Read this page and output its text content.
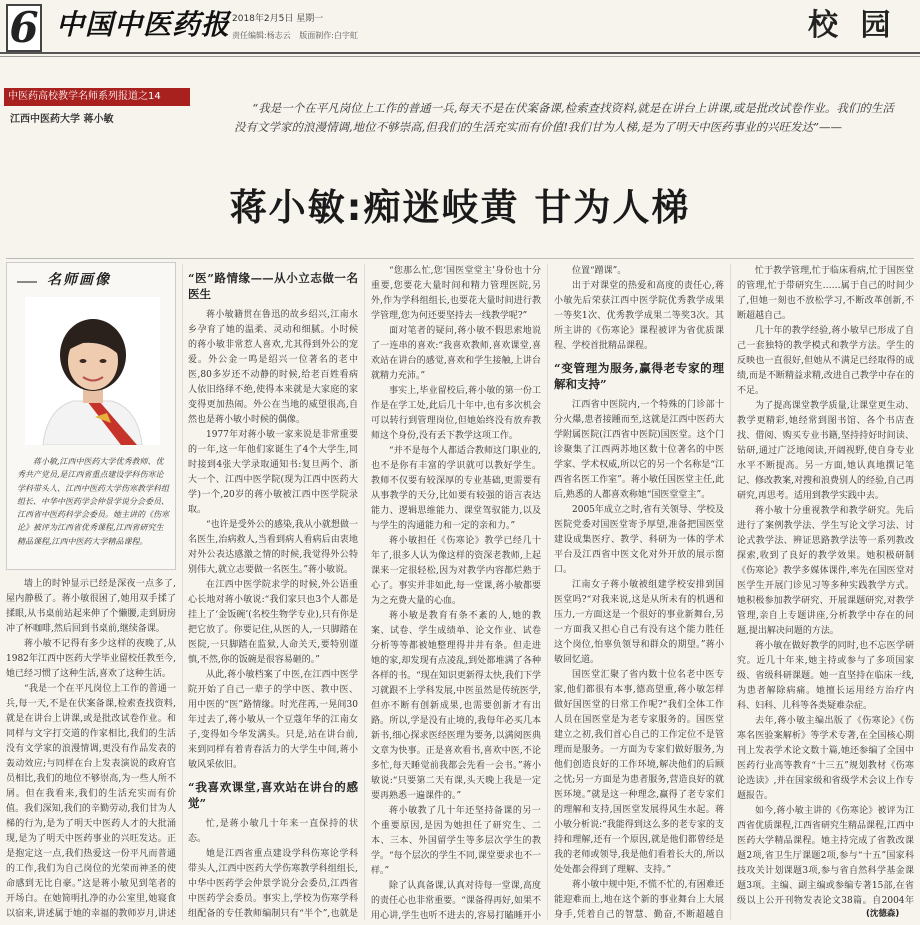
6 中国中医药报 2018年2月5日 星期一
责任编辑:杨志云 版面制作:白宇虹	校 园
中医药高校教学名师系列报道之14
江西中医药大学 蒋小敏
“我是一个在平凡岗位上工作的普通一兵,每天不是在伏案备课,检索查找资料,就是在讲台上讲课,或是批改试卷作业。我们的生活没有文学家的浪漫情调,地位不够崇高,但我们的生活充实而有价值!我们甘为人梯,是为了明天中医药事业的兴旺发达”——
蒋小敏:痴迷岐黄 甘为人梯
名师画像
蒋小敏,江西中医药大学优秀教师、优秀共产党员,是江西省重点建设学科伤寒论学科带头人、江西中医药大学伤寒教学科组组长、中华中医药学会仲景学说分会委员、江西省中医药科学会委员。她主讲的《伤寒论》被评为江西省优秀课程,江西省研究生精品课程,江西中医药大学精品课程。

墙上的时钟显示已经是深夜一点多了,屋内静极了。蒋小敏很困了,她用双手揉了揉眼,从书桌前站起来伸了个懒腰,走到厨房冲了杯咖啡,然后回到书桌前,继续备课。

蒋小敏不记得有多少这样的夜晚了,从1982年江西中医药大学毕业留校任教至今,她已经习惯了这种生活,喜欢了这种生活。

“我是一个在平凡岗位上工作的普通一兵,每一天,不是在伏案备课,检索查找资料,就是在讲台上讲课,或是批改试卷作业。和同样与文字打交道的作家相比,我们的生活没有文学家的浪漫情调,更没有作品发表的轰动效应;与同样在台上发表演说的政府官员相比,我们的地位不够崇高,为一些人所不屑。但在我看来,我们的生活充实而有价值。我们深知,我们的辛勤劳动,我们甘为人梯的行为,是为了明天中医药人才的大批涌现,是为了明天中医药事业的兴旺发达。正是抱定这一点,我们热爱这一份平凡而普通的工作,我们为自己岗位的光荣而神圣的使命感到无比自豪。”这是蒋小敏见到笔者的开场白。在她简明扎净的办公室里,她寝食以宿来,讲述属于她的幸福的教师岁月,讲述

“医”路情缘——从小立志做一名医生

蒋小敏籍贯在鲁迅的故乡绍兴,江南水乡孕育了她的温柔、灵动和细腻。小时候的蒋小敏非常惹人喜欢,尤其得到外公的宠爱。外公金一鸣是绍兴一位著名的老中医,80多岁还不动静的时候,给老百姓看病人依旧络绎不绝,使得本来就是大家庭的家变得更加热闹。外公在当地的威望很高,自然也是蒋小敏小时候的偶像。

1977年对蒋小敏一家来说是非常重要的一年,这一年他们家诞生了4个大学生,同时接到4张大学录取通知书:复旦两个、浙大一个、江西中医学院(现为江西中医药大学)一个,20岁的蒋小敏被江西中医学院录取。

“也许是受外公的感染,我从小就想做一名医生,治病救人,当看到病人看病后由衷地对外公表达感激之情的时候,我觉得外公特别伟大,就立志要做一名医生。”蒋小敏说。

在江西中医学院求学的时候,外公语重心长地对蒋小敏说:“我们家只也3个人都是挂上了‘金饭碗’(名校生物学专业),只有你是把它放了。你要记住,从医的人,一只脚踏在医院,一只脚踏在监狱,人命关天,要特别谨慎,不然,你的饭碗是很容易砸的。”

从此,蒋小敏档案了中医,在江西中医学院开始了自己一辈子的学中医、教中医、用中医的“医”路情缘。时光荏苒,一晃间30年过去了,蒋小敏从一个豆蔻年华的江南女子,变得如今华发满头。只是,站在讲台前,来到同样有着青春活力的大学生中间,蒋小敏风采依旧。

“我喜欢课堂,喜欢站在讲台的感觉”

忙,是蒋小敏几十年来一直保持的状态。

她是江西省重点建设学科伤寒论学科带头人,江西中医药大学伤寒教学科组组长,中华中医药学会仲景学说分会委员,江西省中医药学会委员。事实上,学校为伤寒学科组配备的专任教师编制只有“半个”,也就是

“您那么忙,您‘国医堂堂主’身份也十分重要,您要花大量时间和精力管理医院,另外,作为学科组组长,也要花大量时间进行教学管理,您为何还要坚持去一线教学呢?”

面对笔者的疑问,蒋小敏不假思索地说了一连串的喜欢:“我喜欢教师,喜欢课堂,喜欢站在讲台的感觉,喜欢和学生接触,上讲台就精力充沛。”

事实上,毕业留校后,蒋小敏的第一份工作是在学工处,此后几十年中,也有多次机会可以转行到管理岗位,但她始终没有放弃教师这个身份,没有丢下教学这项工作。

“并不是每个人都适合教师这门职业的,也不是你有丰富的学识就可以教好学生。教师不仅要有较深厚的专业基础,更需要有从事教学的天分,比如要有较强的语言表达能力、逻辑思维能力、课堂驾驭能力,以及与学生的沟通能力和一定的亲和力。”

蒋小敏担任《伤寒论》教学已经几十年了,很多人认为像这样的资深老教师,上起课来一定很轻松,因为对教学内容都烂熟于心了。事实并非如此,每一堂课,蒋小敏都要为之充费大量的心血。

蒋小敏是教育有条不紊的人,她的教案、试卷、学生成绩单、论文作业、试卷分析等等都被她整理得井井有条。但走进她的家,却发现有点凌乱,到处都堆满了各种各样的书。“现在知识更新得太快,我们下学习就跟不上学科发展,中医虽然是传统医学,但亦不断有创新成果,也需要创新才有出路。所以,学是没有止境的,我每年必买几本新书,细心探求医经医理为要务,以满阅医典文章为快事。正是喜欢看书,喜欢中医,不论多忙,每天睡觉前我都会先看一会书。”蒋小敏说:“只要第二天有课,头天晚上我是一定要再熟悉一遍课件的。”

蒋小敏教了几十年还坚持备课的另一个重要原因,是因为她担任了研究生、二本、三本、外国留学生等多层次学生的教学。“每个层次的学生不同,课堂要求也不一样。”

除了认真备课,认真对待每一堂课,高度的责任心也非常重要。“课备得再好,如果不用心讲,学生也听不进去的,容易打瞌睡开小

位置“蹭课”。

出于对课堂的热爱和高度的责任心,蒋小敏先后荣获江西中医学院优秀教学成果一等奖1次、优秀教学成果二等奖3次。其所主讲的《伤寒论》课程被评为省优质课程、学校首批精品课程。

“变管理为服务,赢得老专家的理解和支持”

江西省中医院内,一个特殊的门诊部十分火爆,患者接踵而至,这就是江西中医药大学附属医院(江西省中医院)国医堂。这个门诊聚集了江西两苏地区数十位著名的中医学家、学术权威,所以它的另一个名称是“江西省名医工作室”。蒋小敏任国医堂主任,此后,熟悉的人都喜欢称她“国医堂堂主”。

2005年成立之时,省有关领导、学校及医院党委对国医堂寄予厚望,准备把国医堂建设成集医疗、教学、科研为一体的学术平台及江西省中医文化对外开放的展示窗口。

江南女子蒋小敏被组建学校安排到国医堂吗?“对我来说,这是从所未有的机遇和压力,一方面这是一个很好的事业新舞台,另一方面我又担心自己有没有这个能力胜任这个岗位,怕辜负领导和群众的期望。”蒋小敏回忆道。

国医堂汇聚了省内数十位名老中医专家,他们都很有本事,德高望重,蒋小敏怎样做好国医堂的日常工作呢?“我们全体工作人员在国医堂是为老专家服务的。国医堂建立之初,我们首心自己的工作定位不是管理而是服务。一方面为专家们做好服务,为他们创造良好的工作环境,解决他们的后顾之忧;另一方面是为患者服务,营造良好的就医环境。”就是这一种理念,赢得了老专家们的理解和支持,国医堂发展得风生水起。蒋小敏分析说:“我能得到这么多的老专家的支持和理解,还有一个原因,就是他们都曾经是我的老师或领导,我是他们看着长大的,所以处处都会得到了理解、支持。”

蒋小敏中规中矩,不慌不忙的,有困难还能迎难而上,地在这个新的事业舞台上大展身手,凭着自己的智慧、勤奋,不断超越自

忙于教学管理,忙于临床看病,忙于国医堂的管理,忙于带研究生……属于自己的时间少了,但她一刻也不放松学习,不断改革创新,不断超越自己。

几十年的教学经验,蒋小敏早已形成了自己一套独特的教学模式和教学方法。学生的反映也一直很好,但她从不满足已经取得的成绩,而是不断精益求精,改进自己教学中存在的不足。

为了提高课堂教学质量,让课堂更生动、教学更精彩,她经常到图书馆、各个书店查找、借阅、购买专业书籍,坚持持好时间读、钻研,通过广泛地阅读,开阔视野,使自身专业水平不断提高。另一方面,她认真地撰记笔记、修改教案,对搜和浪费别人的经验,自己再研究,再思考。适用到教学实践中去。

蒋小敏十分重视教学和教学研究。先后进行了案例教学法、学生写论文学习法、讨论式教学法、辨证思路教学法等一系列教改探索,收到了良好的教学效果。她积极研制《伤寒论》教学多媒体课件,率先在国医堂对医学生开展门诊见习等多种实践教学方式。她积极参加教学研究、开展课题研究,对教学管理,亲自上专题讲座,分析教学中存在的问题,提出解决问题的方法。

蒋小敏在做好教学的同时,也不忘医学研究。近几十年来,她主持或参与了多项国家级、省级科研课题。她一直坚持在临床一线,为患者解除病痛。她擅长运用经方治疗内科、妇科、儿科等各类疑难杂症。

去年,蒋小敏主编出版了《伤寒论》《伤寒名医验案解析》等学术专著,在全国核心期刊上发表学术论文数十篇,她还参编了全国中医药行业高等教育“十三五”规划教材《伤寒论选读》,并在国家级和省级学术会议上作专题报告。

如今,蒋小敏主讲的《伤寒论》被评为江西省优质课程,江西省研究生精品课程,江西中医药大学精品课程。她主持完成了省教改课题2项,省卫生厅课题2项,参与“十五”国家科技攻关计划课题3项,参与省自然科学基金课题3项。主编、副主编或参编专著15部,在省级以上公开刊物发表论文38篇。自2004年

(沈德森)
